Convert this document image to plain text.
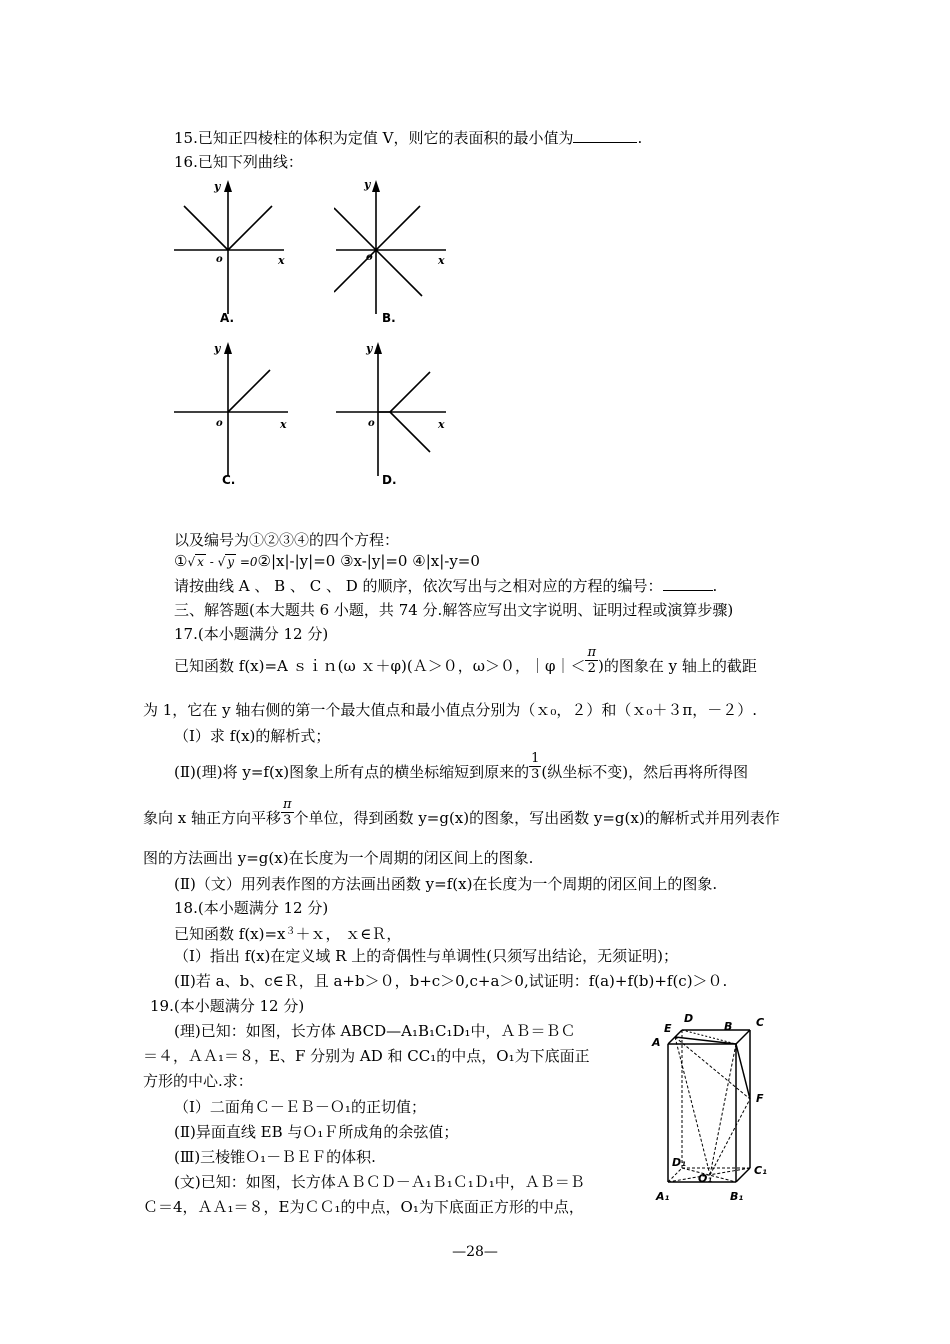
15.已知正四棱柱的体积为定值 V，则它的表面积的最小值为	.
16.已知下列曲线：
y
x
o
A.
y
x
o
B.
y
x
o
C.
y
x
o
D.
以及编号为①②③④的四个方程：
①√ x - √ y =0②|x|-|y|=0 ③x-|y|=0 ④|x|-y=0
请按曲线 A 、 B 、 C 、 D 的顺序，依次写出与之相对应的方程的编号：	.
三、解答题(本大题共 6 小题，共 74 分.解答应写出文字说明、证明过程或演算步骤)
17.(本小题满分 12 分)
已知函数 f(x)=A ｓｉｎ(ω ｘ＋φ)(Ａ＞０，ω＞０，｜φ｜＜ $\frac{\pi}{2}$ )的图象在 y 轴上的截距
为 1，它在 y 轴右侧的第一个最大值点和最小值点分别为（ｘ₀，２）和（ｘ₀＋３π，－２）.
（Ⅰ）求 f(x)的解析式；
(Ⅱ)(理)将 y=f(x)图象上所有点的横坐标缩短到原来的 $\frac{1}{3}$ (纵坐标不变)，然后再将所得图
象向 x 轴正方向平移 $\frac{\pi}{3}$ 个单位，得到函数 y=g(x)的图象，写出函数 y=g(x)的解析式并用列表作
图的方法画出 y=g(x)在长度为一个周期的闭区间上的图象.
(Ⅱ)（文）用列表作图的方法画出函数 y=f(x)在长度为一个周期的闭区间上的图象.
18.(本小题满分 12 分)
已知函数 $f(x)=x^3+x$， ｘ∈Ｒ，
（Ⅰ）指出 f(x)在定义域 R 上的奇偶性与单调性(只须写出结论，无须证明)；
(Ⅱ)若 a、b、c∈Ｒ，且 a+b＞０，b+c＞0,c+a＞0,试证明：f(a)+f(b)+f(c)＞０.
19.(本小题满分 12 分)
(理)已知：如图，长方体 ABCD—A₁B₁C₁D₁中，ＡＢ＝ＢＣ
＝４，ＡＡ₁＝８，E、F 分别为 AD 和 CC₁的中点，O₁为下底面正
方形的中心.求：
（Ⅰ）二面角Ｃ－ＥＢ－Ｏ₁的正切值；
(Ⅱ)异面直线 EB 与Ｏ₁Ｆ所成角的余弦值；
(Ⅲ)三棱锥Ｏ₁－ＢＥＦ的体积.
(文)已知：如图，长方体ＡＢＣＤ－Ａ₁Ｂ₁Ｃ₁Ｄ₁中，ＡＢ＝Ｂ
Ｃ＝4，ＡＡ₁＝８，E为ＣＣ₁的中点，O₁为下底面正方形的中点，
D
E	B C
A
F
D₁
O₁
C₁
A₁	B₁
—28—
